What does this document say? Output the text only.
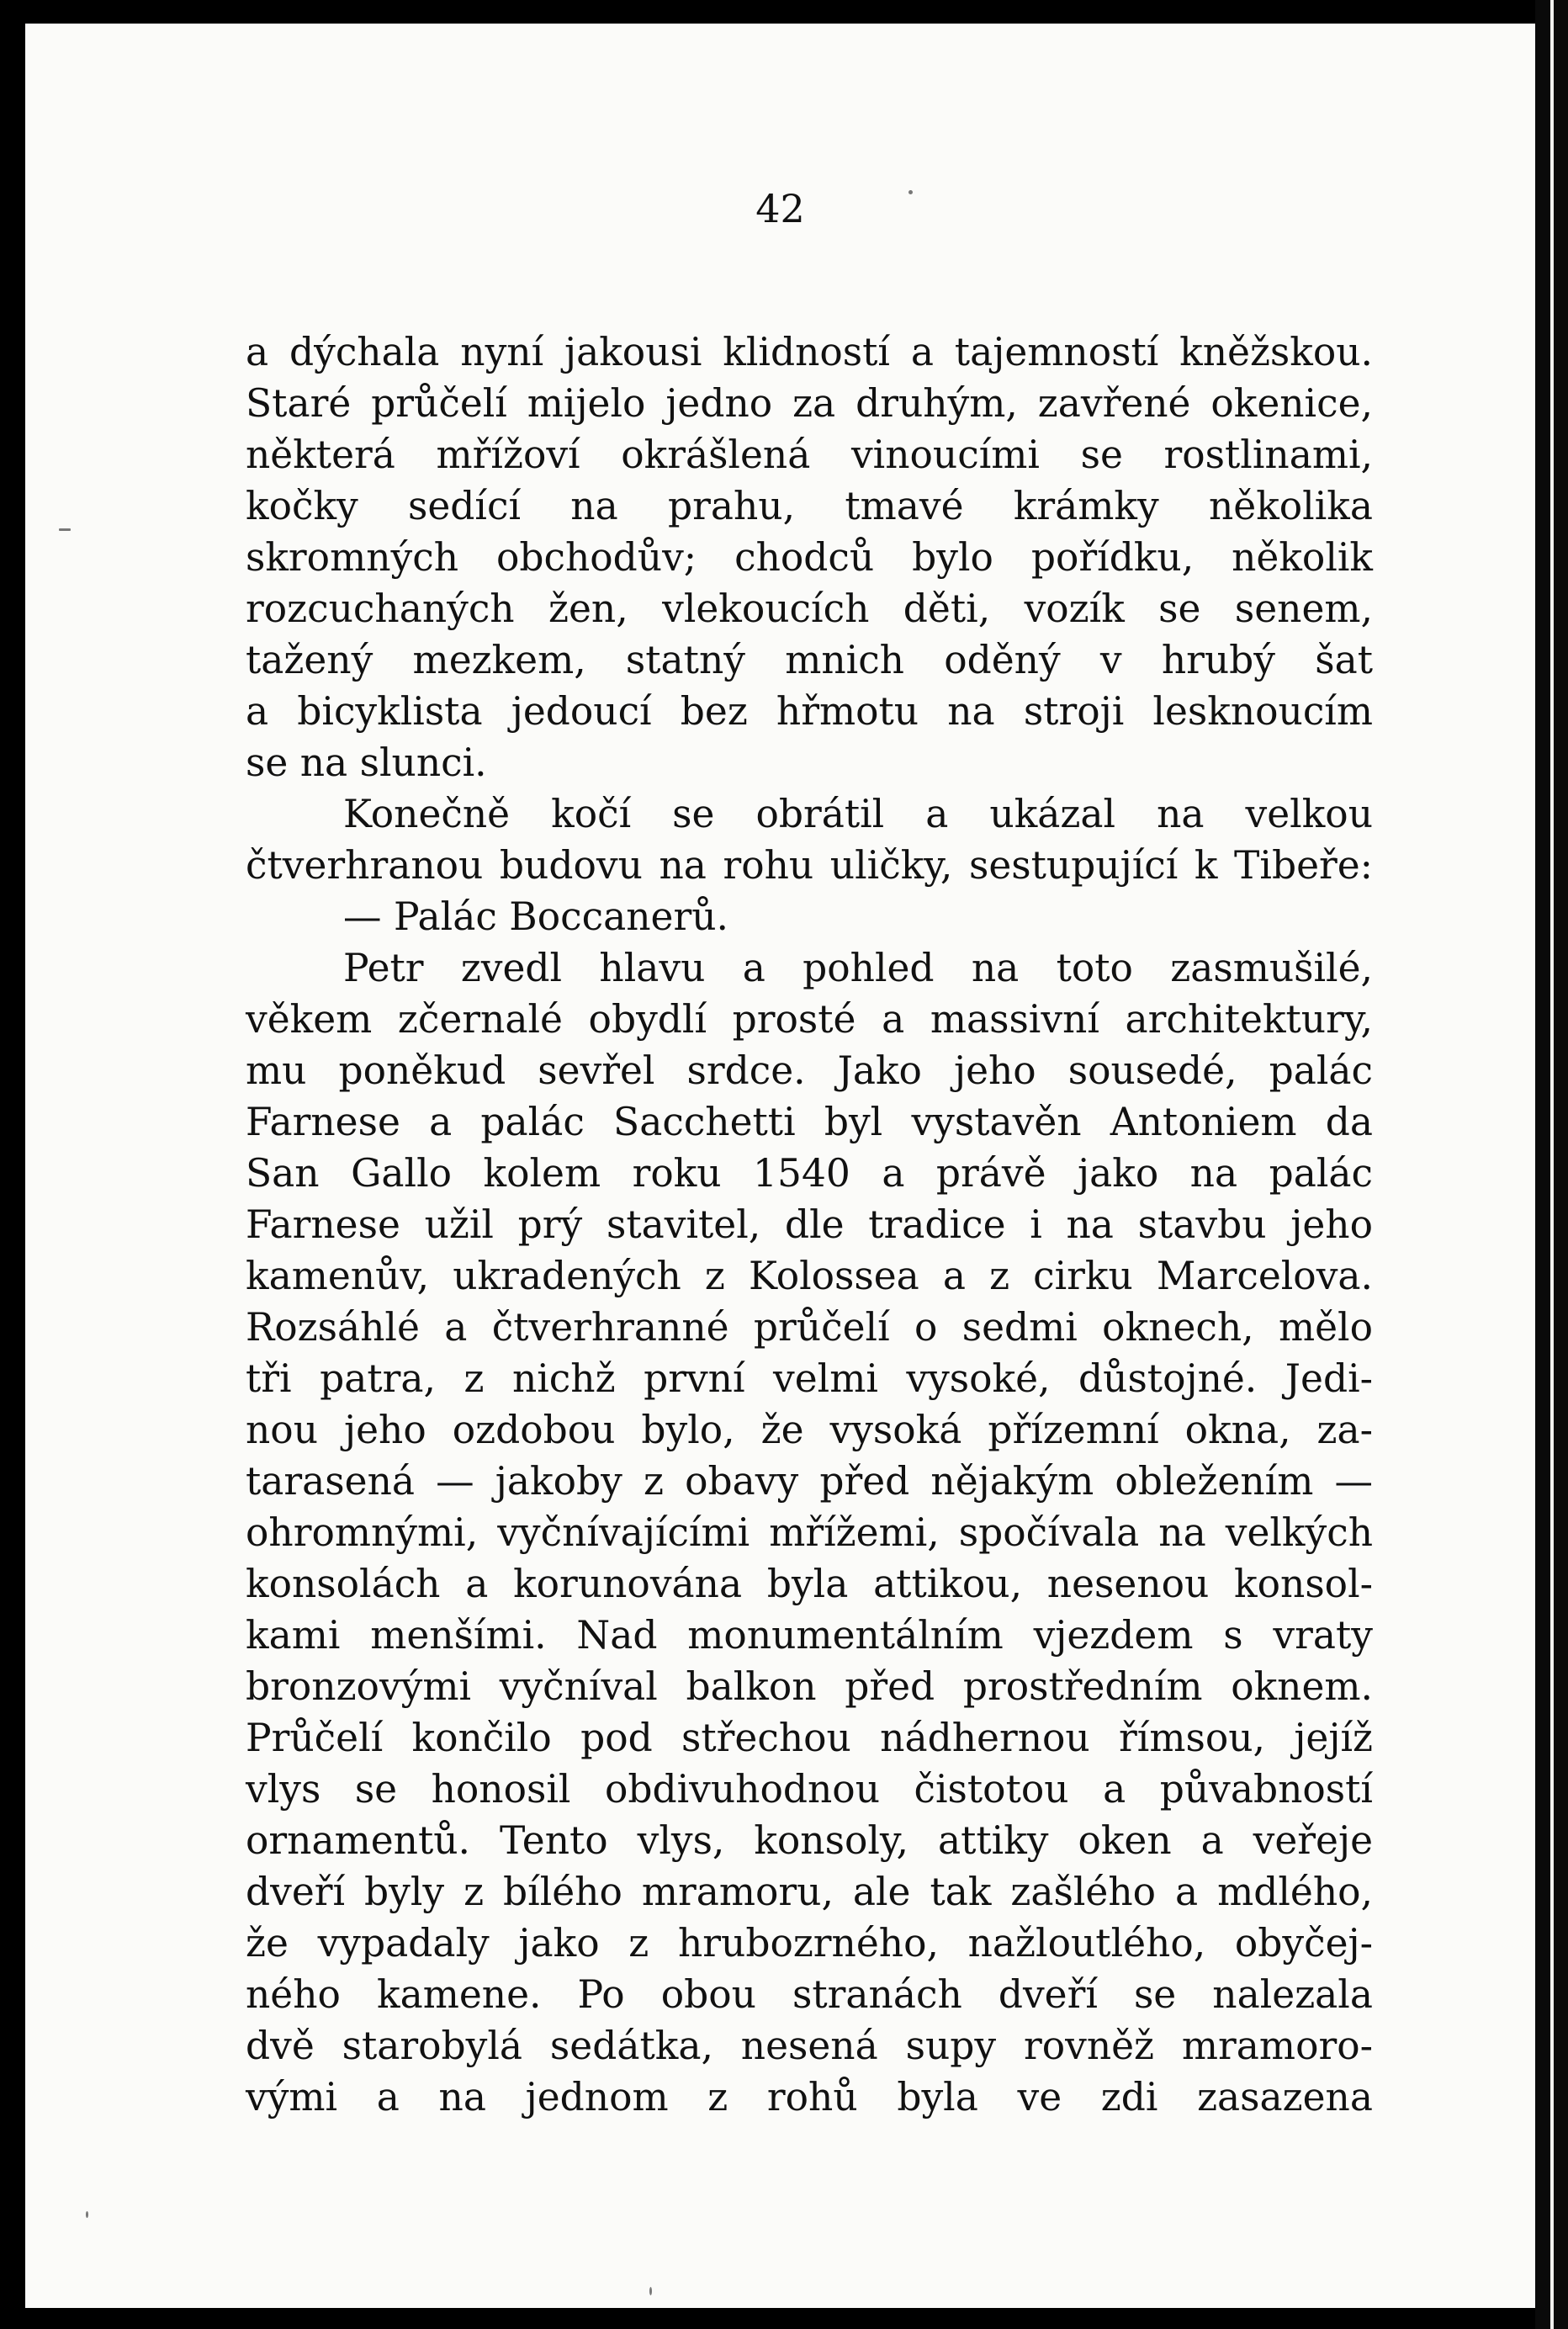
42
a dýchala nyní jakousi klidností a tajemností kněžskou.
Staré průčelí mijelo jedno za druhým, zavřené okenice,
některá mřížoví okrášlená vinoucími se rostlinami,
kočky sedící na prahu, tmavé krámky několika
skromných obchodův; chodců bylo pořídku, několik
rozcuchaných žen, vlekoucích děti, vozík se senem,
tažený mezkem, statný mnich oděný v hrubý šat
a bicyklista jedoucí bez hřmotu na stroji lesknoucím
se na slunci.
Konečně kočí se obrátil a ukázal na velkou
čtverhranou budovu na rohu uličky, sestupující k Tibeře:
— Palác Boccanerů.
Petr zvedl hlavu a pohled na toto zasmušilé,
věkem zčernalé obydlí prosté a massivní architektury,
mu poněkud sevřel srdce. Jako jeho sousedé, palác
Farnese a palác Sacchetti byl vystavěn Antoniem da
San Gallo kolem roku 1540 a právě jako na palác
Farnese užil prý stavitel, dle tradice i na stavbu jeho
kamenův, ukradených z Kolossea a z cirku Marcelova.
Rozsáhlé a čtverhranné průčelí o sedmi oknech, mělo
tři patra, z nichž první velmi vysoké, důstojné. Jedi-
nou jeho ozdobou bylo, že vysoká přízemní okna, za-
tarasená — jakoby z obavy před nějakým obležením —
ohromnými, vyčnívajícími mřížemi, spočívala na velkých
konsolách a korunována byla attikou, nesenou konsol-
kami menšími. Nad monumentálním vjezdem s vraty
bronzovými vyčníval balkon před prostředním oknem.
Průčelí končilo pod střechou nádhernou římsou, jejíž
vlys se honosil obdivuhodnou čistotou a půvabností
ornamentů. Tento vlys, konsoly, attiky oken a veřeje
dveří byly z bílého mramoru, ale tak zašlého a mdlého,
že vypadaly jako z hrubozrného, nažloutlého, obyčej-
ného kamene. Po obou stranách dveří se nalezala
dvě starobylá sedátka, nesená supy rovněž mramoro-
vými a na jednom z rohů byla ve zdi zasazena
